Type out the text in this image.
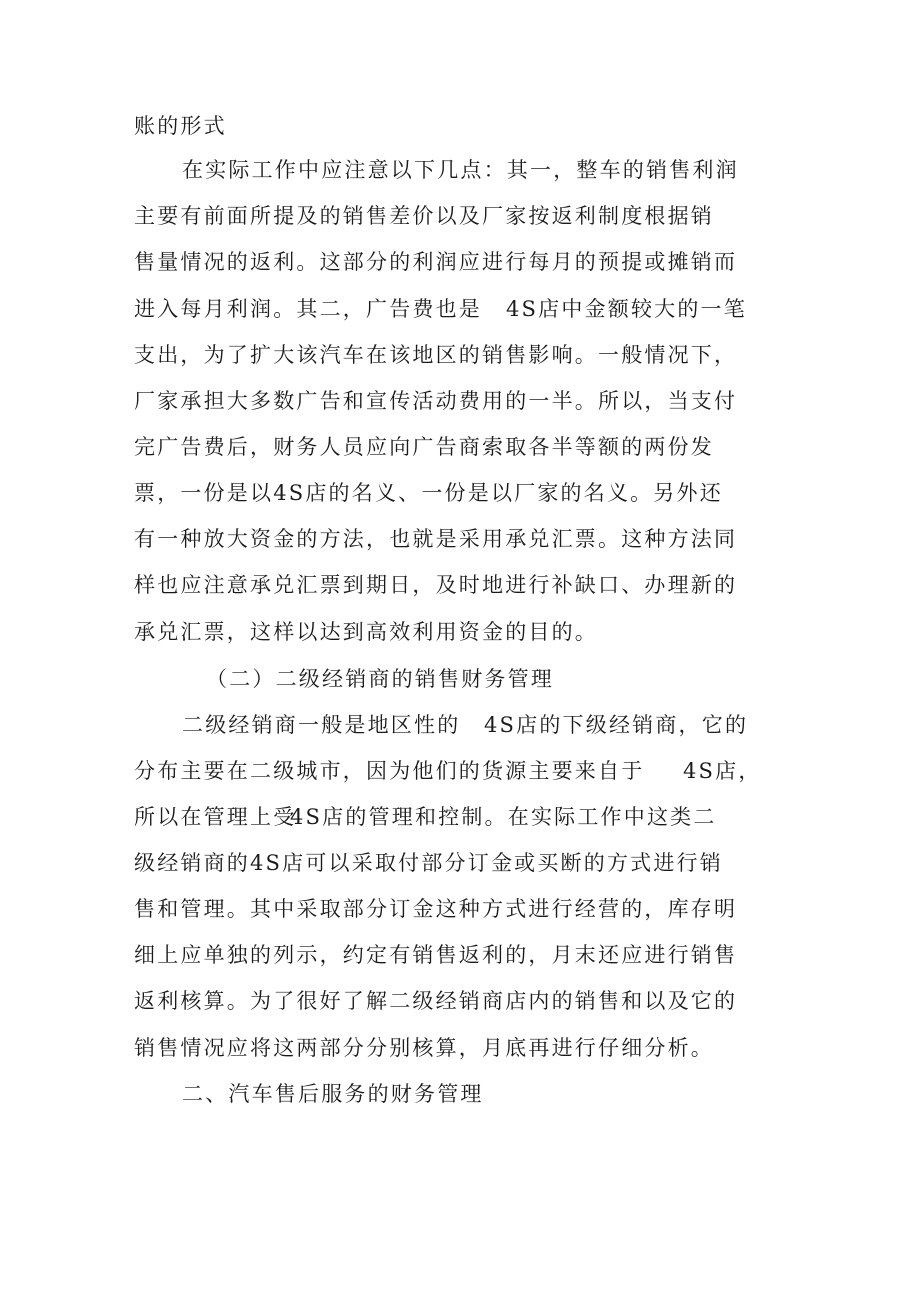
账的形式
在实际工作中应注意以下几点：其一，整车的销售利润
主要有前面所提及的销售差价以及厂家按返利制度根据销
售量情况的返利。这部分的利润应进行每月的预提或摊销而
进入每月利润。其二，广告费也是 4S店中金额较大的一笔
支出，为了扩大该汽车在该地区的销售影响。一般情况下，
厂家承担大多数广告和宣传活动费用的一半。所以，当支付
完广告费后，财务人员应向广告商索取各半等额的两份发
票，一份是以4S店的名义、一份是以厂家的名义。另外还
有一种放大资金的方法，也就是采用承兑汇票。这种方法同
样也应注意承兑汇票到期日，及时地进行补缺口、办理新的
承兑汇票，这样以达到高效利用资金的目的。
（二）二级经销商的销售财务管理
二级经销商一般是地区性的 4S店的下级经销商，它的
分布主要在二级城市，因为他们的货源主要来自于 4S店，
所以在管理上受
4S店的管理和控制。在实际工作中这类二
级经销商的4S店可以采取付部分订金或买断的方式进行销
售和管理。其中采取部分订金这种方式进行经营的，库存明
细上应单独的列示，约定有销售返利的，月末还应进行销售
返利核算。为了很好了解二级经销商店内的销售和以及它的
销售情况应将这两部分分别核算，月底再进行仔细分析。
二、汽车售后服务的财务管理
